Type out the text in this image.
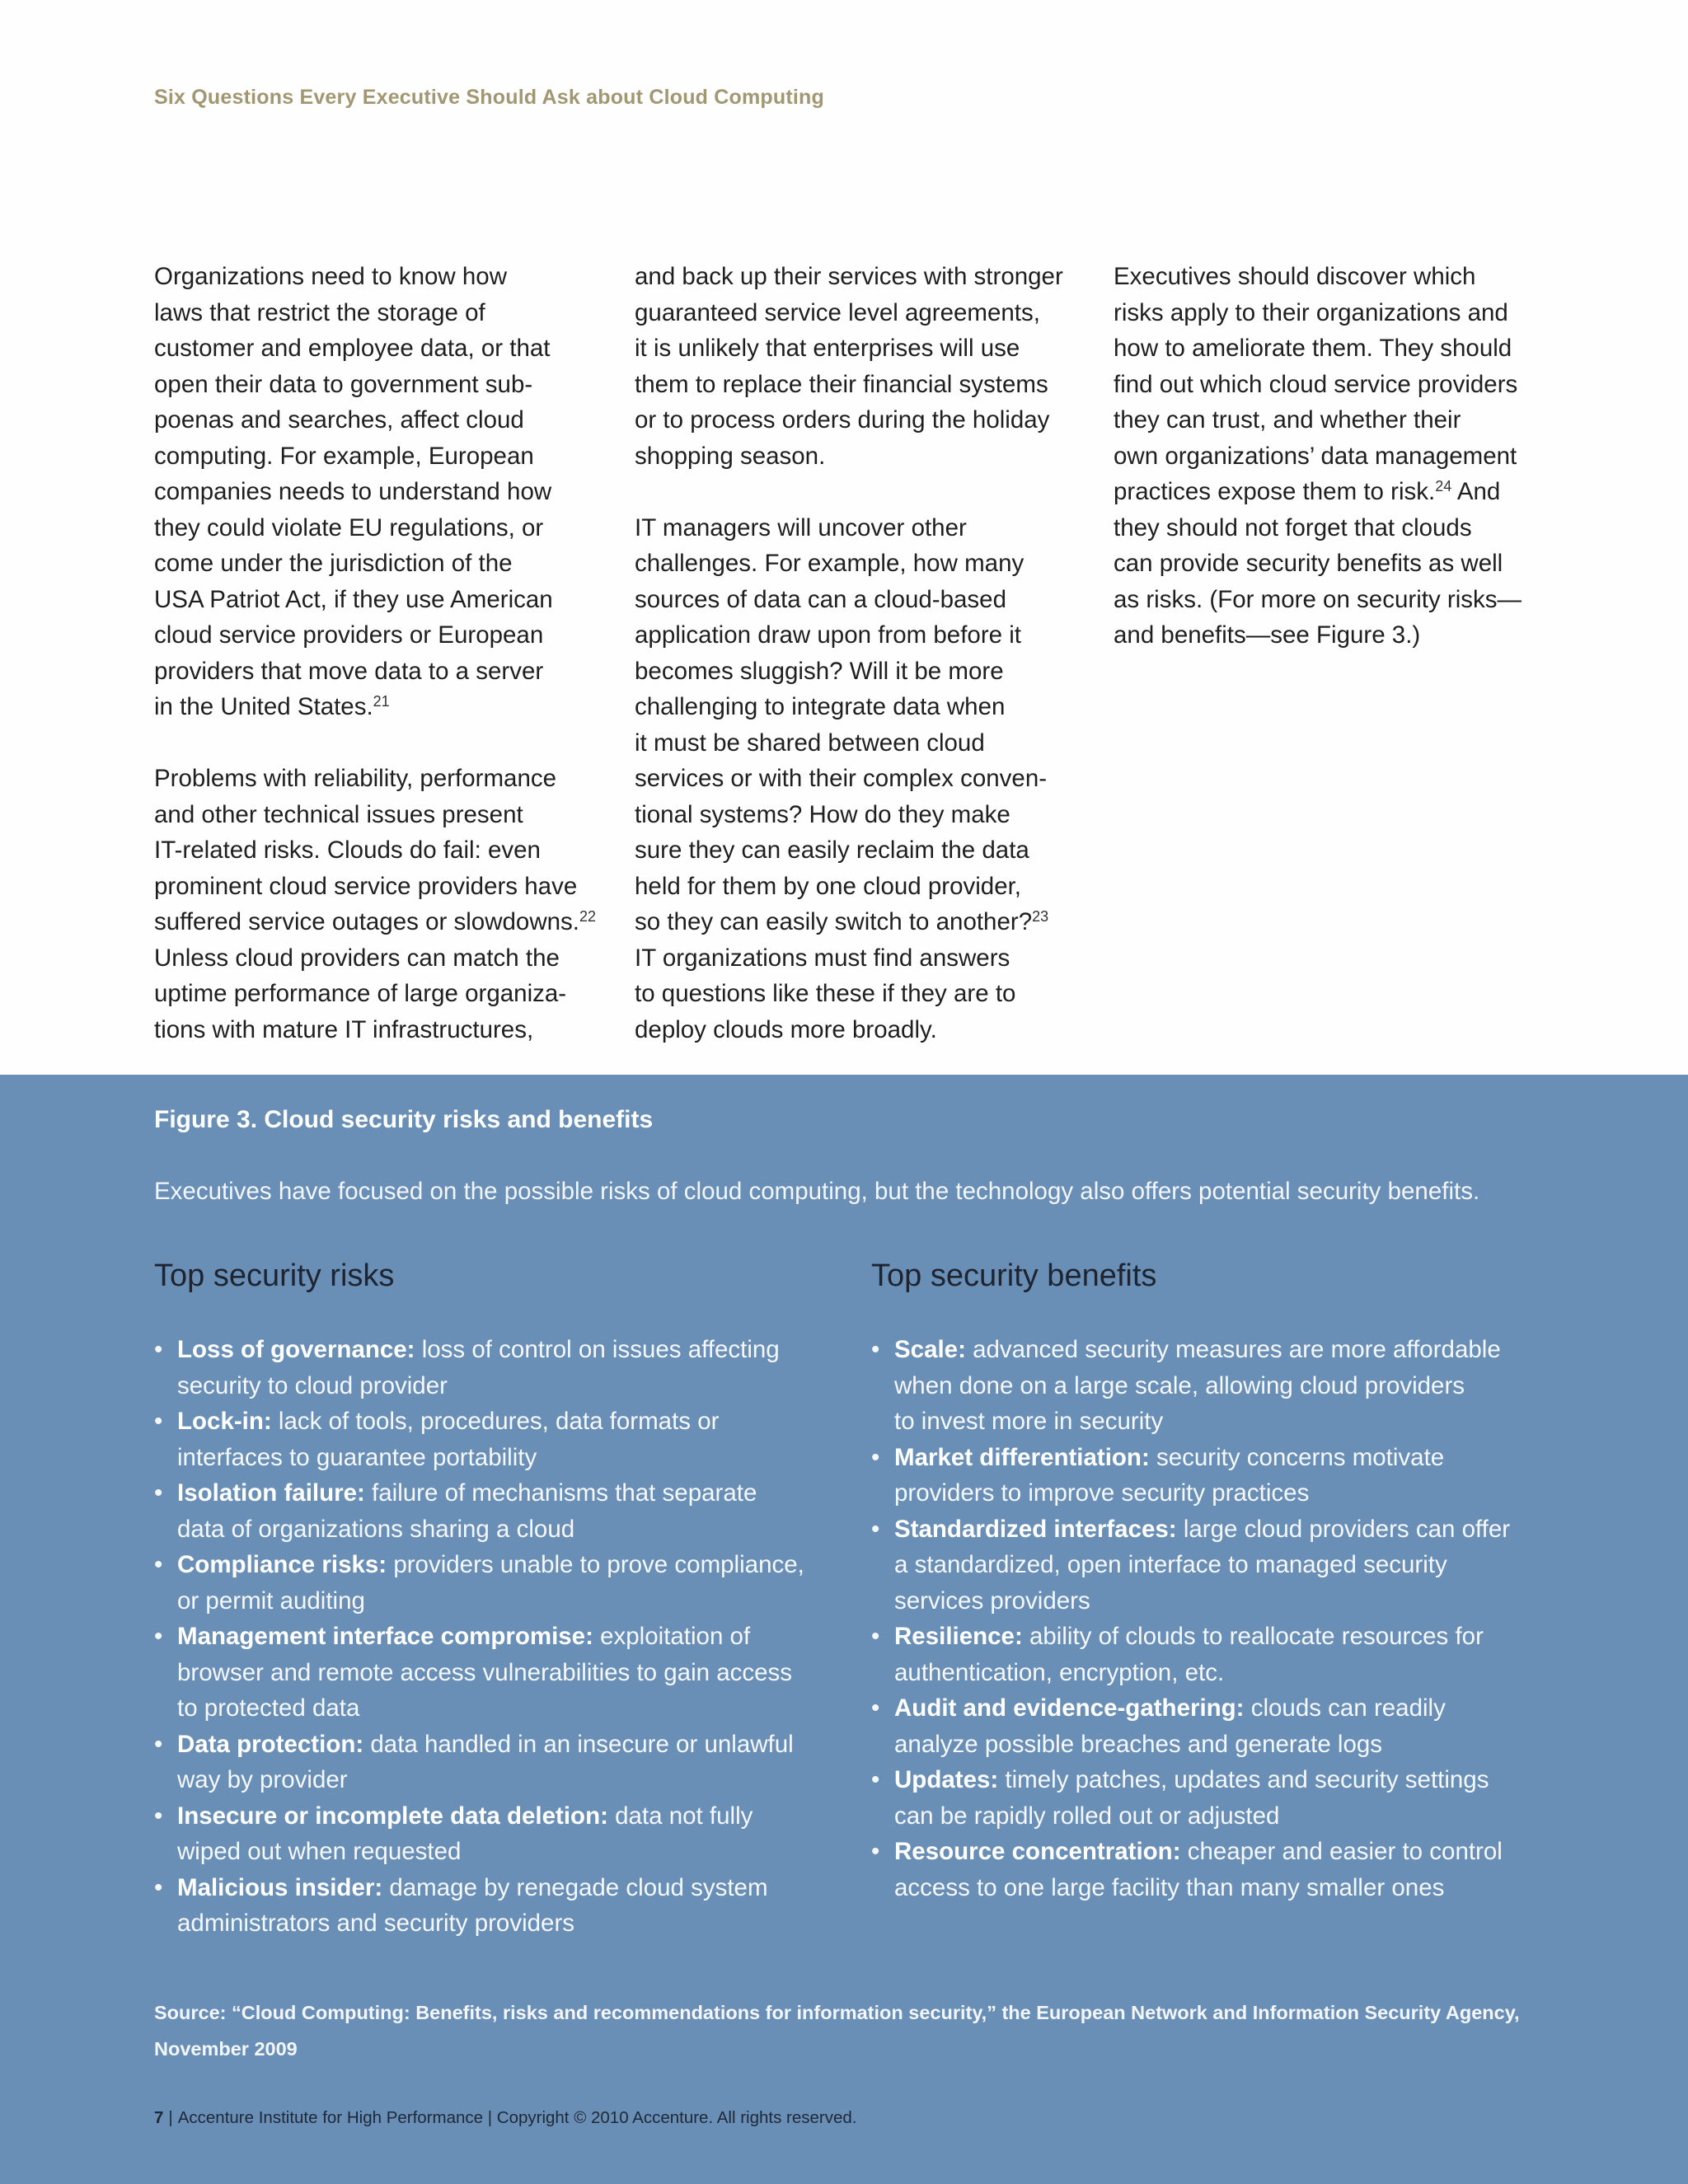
Six Questions Every Executive Should Ask about Cloud Computing

Organizations need to know how
laws that restrict the storage of
customer and employee data, or that
open their data to government sub-
poenas and searches, affect cloud
computing. For example, European
companies needs to understand how
they could violate EU regulations, or
come under the jurisdiction of the
USA Patriot Act, if they use American
cloud service providers or European
providers that move data to a server
in the United States.$^{21}$

Problems with reliability, performance
and other technical issues present
IT-related risks. Clouds do fail: even
prominent cloud service providers have
suffered service outages or slowdowns.$^{22}$
Unless cloud providers can match the
uptime performance of large organiza-
tions with mature IT infrastructures,

and back up their services with stronger
guaranteed service level agreements,
it is unlikely that enterprises will use
them to replace their financial systems
or to process orders during the holiday
shopping season.

IT managers will uncover other
challenges. For example, how many
sources of data can a cloud-based
application draw upon from before it
becomes sluggish? Will it be more
challenging to integrate data when
it must be shared between cloud
services or with their complex conven-
tional systems? How do they make
sure they can easily reclaim the data
held for them by one cloud provider,
so they can easily switch to another?$^{23}$
IT organizations must find answers
to questions like these if they are to
deploy clouds more broadly.

Executives should discover which
risks apply to their organizations and
how to ameliorate them. They should
find out which cloud service providers
they can trust, and whether their
own organizations’ data management
practices expose them to risk.$^{24}$ And
they should not forget that clouds
can provide security benefits as well
as risks. (For more on security risks—
and benefits—see Figure 3.)

Figure 3. Cloud security risks and benefits
Executives have focused on the possible risks of cloud computing, but the technology also offers potential security benefits.
Top security risks
• Loss of governance: loss of control on issues affecting
security to cloud provider
• Lock-in: lack of tools, procedures, data formats or
interfaces to guarantee portability
• Isolation failure: failure of mechanisms that separate
data of organizations sharing a cloud
• Compliance risks: providers unable to prove compliance,
or permit auditing
• Management interface compromise: exploitation of
browser and remote access vulnerabilities to gain access
to protected data
• Data protection: data handled in an insecure or unlawful
way by provider
• Insecure or incomplete data deletion: data not fully
wiped out when requested
• Malicious insider: damage by renegade cloud system
administrators and security providers
Top security benefits
• Scale: advanced security measures are more affordable
when done on a large scale, allowing cloud providers
to invest more in security
• Market differentiation: security concerns motivate
providers to improve security practices
• Standardized interfaces: large cloud providers can offer
a standardized, open interface to managed security
services providers
• Resilience: ability of clouds to reallocate resources for
authentication, encryption, etc.
• Audit and evidence-gathering: clouds can readily
analyze possible breaches and generate logs
• Updates: timely patches, updates and security settings
can be rapidly rolled out or adjusted
• Resource concentration: cheaper and easier to control
access to one large facility than many smaller ones
Source: “Cloud Computing: Benefits, risks and recommendations for information security,” the European Network and Information Security Agency,
November 2009
7 | Accenture Institute for High Performance | Copyright © 2010 Accenture. All rights reserved.
